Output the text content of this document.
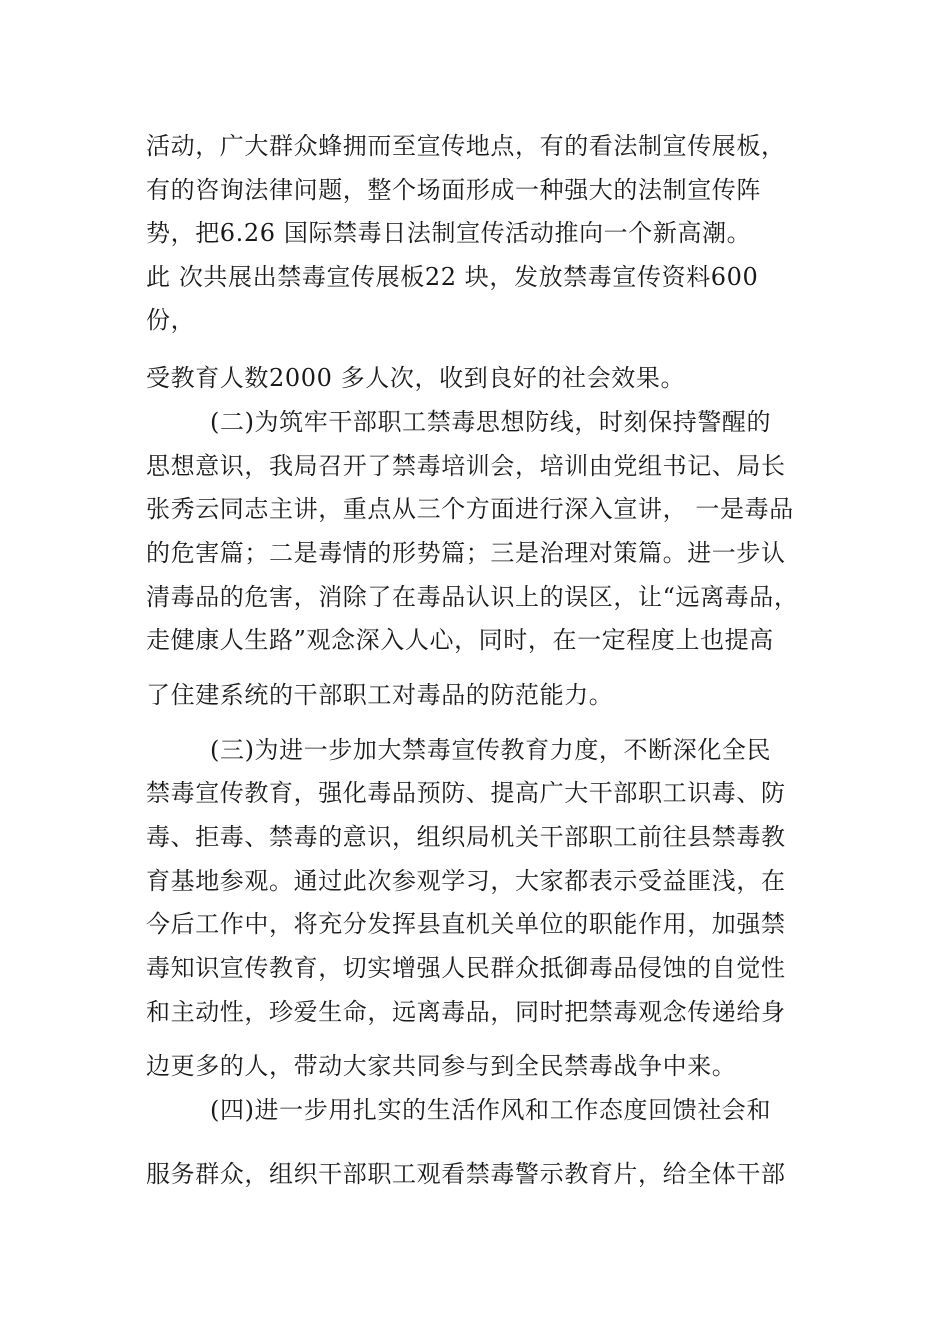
活动，广大群众蜂拥而至宣传地点，有的看法制宣传展板，
有的咨询法律问题，整个场面形成一种强大的法制宣传阵
势，把6.26 国际禁毒日法制宣传活动推向一个新高潮。
此 次共展出禁毒宣传展板22 块，发放禁毒宣传资料600
份，
受教育人数2000 多人次，收到良好的社会效果。
(二)为筑牢干部职工禁毒思想防线，时刻保持警醒的
思想意识，我局召开了禁毒培训会，培训由党组书记、局长
张秀云同志主讲，重点从三个方面进行深入宣讲， 一是毒品
的危害篇；二是毒情的形势篇；三是治理对策篇。进一步认
清毒品的危害，消除了在毒品认识上的误区，让“远离毒品，
走健康人生路”观念深入人心，同时，在一定程度上也提高
了住建系统的干部职工对毒品的防范能力。
(三)为进一步加大禁毒宣传教育力度，不断深化全民
禁毒宣传教育，强化毒品预防、提高广大干部职工识毒、防
毒、拒毒、禁毒的意识，组织局机关干部职工前往县禁毒教
育基地参观。通过此次参观学习，大家都表示受益匪浅，在
今后工作中，将充分发挥县直机关单位的职能作用，加强禁
毒知识宣传教育，切实增强人民群众抵御毒品侵蚀的自觉性
和主动性，珍爱生命，远离毒品，同时把禁毒观念传递给身
边更多的人，带动大家共同参与到全民禁毒战争中来。
(四)进一步用扎实的生活作风和工作态度回馈社会和
服务群众，组织干部职工观看禁毒警示教育片，给全体干部
